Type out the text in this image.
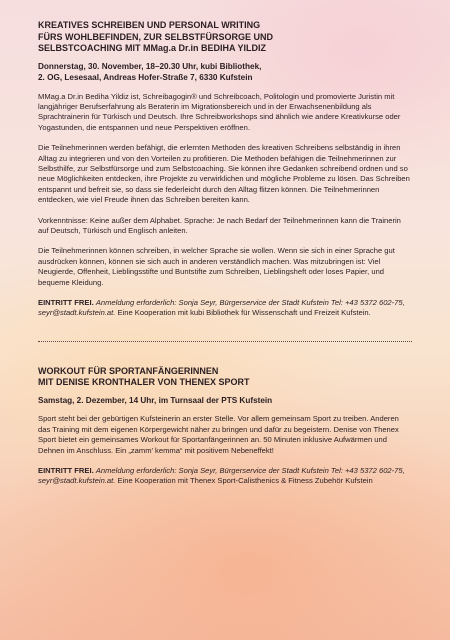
KREATIVES SCHREIBEN UND PERSONAL WRITING
FÜRS WOHLBEFINDEN, ZUR SELBSTFÜRSORGE UND
SELBSTCOACHING MIT MMag.a Dr.in BEDIHA YILDIZ
Donnerstag, 30. November, 18–20.30 Uhr, kubi Bibliothek,
2. OG, Lesesaal, Andreas Hofer-Straße 7, 6330 Kufstein

MMag.a Dr.in Bediha Yildiz ist, Schreibagogin® und Schreibcoach, Politologin und promovierte Juristin mit langjähriger Berufserfahrung als Beraterin im Migrationsbereich und in der Erwachsenenbildung als Sprachtrainerin für Türkisch und Deutsch. Ihre Schreibworkshops sind ähnlich wie andere Kreativkurse oder Yogastunden, die entspannen und neue Perspektiven eröffnen.

Die Teilnehmerinnen werden befähigt, die erlernten Methoden des kreativen Schreibens selbständig in ihren Alltag zu integrieren und von den Vorteilen zu profitieren. Die Methoden befähigen die Teilnehmerinnen zur Selbsthilfe, zur Selbstfürsorge und zum Selbstcoaching. Sie können ihre Gedanken schreibend ordnen und so neue Möglichkeiten entdecken, ihre Projekte zu verwirklichen und mögliche Probleme zu lösen. Das Schreiben entspannt und befreit sie, so dass sie federleicht durch den Alltag flitzen können. Die Teilnehmerinnen entdecken, wie viel Freude ihnen das Schreiben bereiten kann.

Vorkenntnisse: Keine außer dem Alphabet. Sprache: Je nach Bedarf der Teilnehmerinnen kann die Trainerin auf Deutsch, Türkisch und Englisch anleiten.

Die Teilnehmerinnen können schreiben, in welcher Sprache sie wollen. Wenn sie sich in einer Sprache gut ausdrücken können, können sie sich auch in anderen verständlich machen. Was mitzubringen ist: Viel Neugierde, Offenheit, Lieblingsstifte und Buntstifte zum Schreiben, Lieblingsheft oder loses Papier, und bequeme Kleidung.

EINTRITT FREI. Anmeldung erforderlich: Sonja Seyr, Bürgerservice der Stadt Kufstein Tel: +43 5372 602-75, seyr@stadt.kufstein.at. Eine Kooperation mit kubi Bibliothek für Wissenschaft und Freizeit Kufstein.
WORKOUT FÜR SPORTANFÄNGERINNEN
MIT DENISE KRONTHALER VON THENEX SPORT
Samstag, 2. Dezember, 14 Uhr, im Turnsaal der PTS Kufstein

Sport steht bei der gebürtigen Kufsteinerin an erster Stelle. Vor allem gemeinsam Sport zu treiben. Anderen das Training mit dem eigenen Körpergewicht näher zu bringen und dafür zu begeistern. Denise von Thenex Sport bietet ein gemeinsames Workout für Sportanfängerinnen an. 50 Minuten inklusive Aufwärmen und Dehnen im Anschluss. Ein „zamm’ kemma“ mit positivem Nebeneffekt!

EINTRITT FREI. Anmeldung erforderlich: Sonja Seyr, Bürgerservice der Stadt Kufstein Tel: +43 5372 602-75, seyr@stadt.kufstein.at. Eine Kooperation mit Thenex Sport-Calisthenics & Fitness Zubehör Kufstein
